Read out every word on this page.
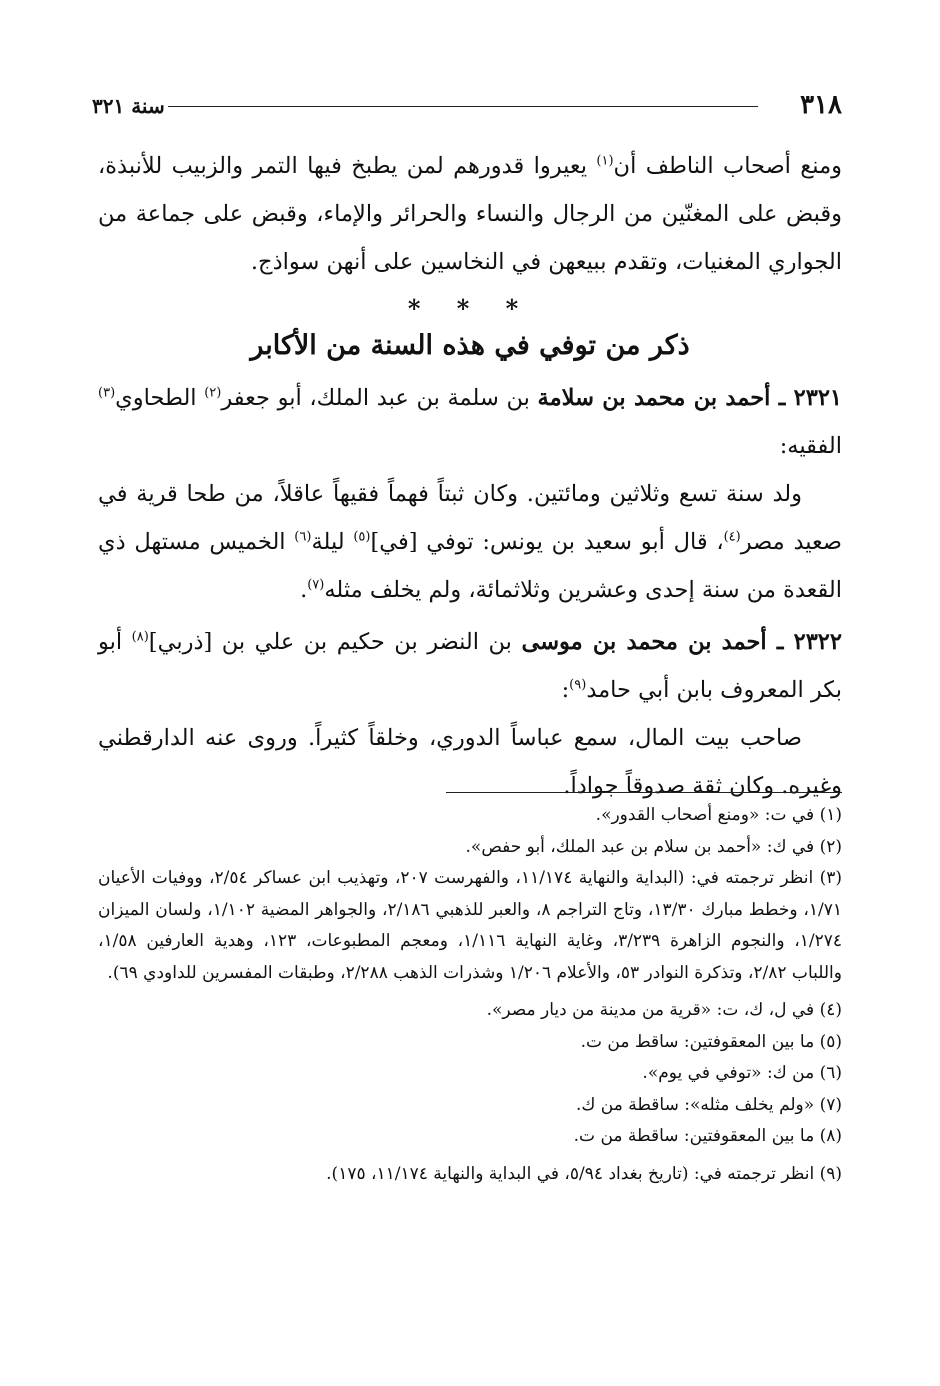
٣١٨
سنة ٣٢١

ومنع أصحاب الناطف أن$^{(١)}$ يعيروا قدورهم لمن يطبخ فيها التمر والزبيب للأنبذة، وقبض على المغنّين من الرجال والنساء والحرائر والإماء، وقبض على جماعة من الجواري المغنيات، وتقدم ببيعهن في النخاسين على أنهن سواذج.

* * *
ذكر من توفي في هذه السنة من الأكابر

٢٣٢١ ـ أحمد بن محمد بن سلامة بن سلمة بن عبد الملك، أبو جعفر$^{(٢)}$ الطحاوي$^{(٣)}$ الفقيه:

ولد سنة تسع وثلاثين ومائتين. وكان ثبتاً فهماً فقيهاً عاقلاً، من طحا قرية في صعيد مصر$^{(٤)}$، قال أبو سعيد بن يونس: توفي [في]$^{(٥)}$ ليلة$^{(٦)}$ الخميس مستهل ذي القعدة من سنة إحدى وعشرين وثلاثمائة، ولم يخلف مثله$^{(٧)}$.

٢٣٢٢ ـ أحمد بن محمد بن موسى بن النضر بن حكيم بن علي بن [ذربي]$^{(٨)}$ أبو بكر المعروف بابن أبي حامد$^{(٩)}$:

صاحب بيت المال، سمع عباساً الدوري، وخلقاً كثيراً. وروى عنه الدارقطني وغيره. وكان ثقة صدوقاً جواداً.

(١) في ت: «ومنع أصحاب القدور».

(٢) في ك: «أحمد بن سلام بن عبد الملك، أبو حفص».

(٣) انظر ترجمته في: (البداية والنهاية ١١/١٧٤، والفهرست ٢٠٧، وتهذيب ابن عساكر ٢/٥٤، ووفيات الأعيان ١/٧١، وخطط مبارك ١٣/٣٠، وتاج التراجم ٨، والعبر للذهبي ٢/١٨٦، والجواهر المضية ١/١٠٢، ولسان الميزان ١/٢٧٤، والنجوم الزاهرة ٣/٢٣٩، وغاية النهاية ١/١١٦، ومعجم المطبوعات، ١٢٣، وهدية العارفين ١/٥٨، واللباب ٢/٨٢، وتذكرة النوادر ٥٣، والأعلام ١/٢٠٦ وشذرات الذهب ٢/٢٨٨، وطبقات المفسرين للداودي ٦٩).

(٤) في ل، ك، ت: «قرية من مدينة من ديار مصر».

(٥) ما بين المعقوفتين: ساقط من ت.

(٦) من ك: «توفي في يوم».

(٧) «ولم يخلف مثله»: ساقطة من ك.

(٨) ما بين المعقوفتين: ساقطة من ت.

(٩) انظر ترجمته في: (تاريخ بغداد ٥/٩٤، في البداية والنهاية ١١/١٧٤، ١٧٥).
